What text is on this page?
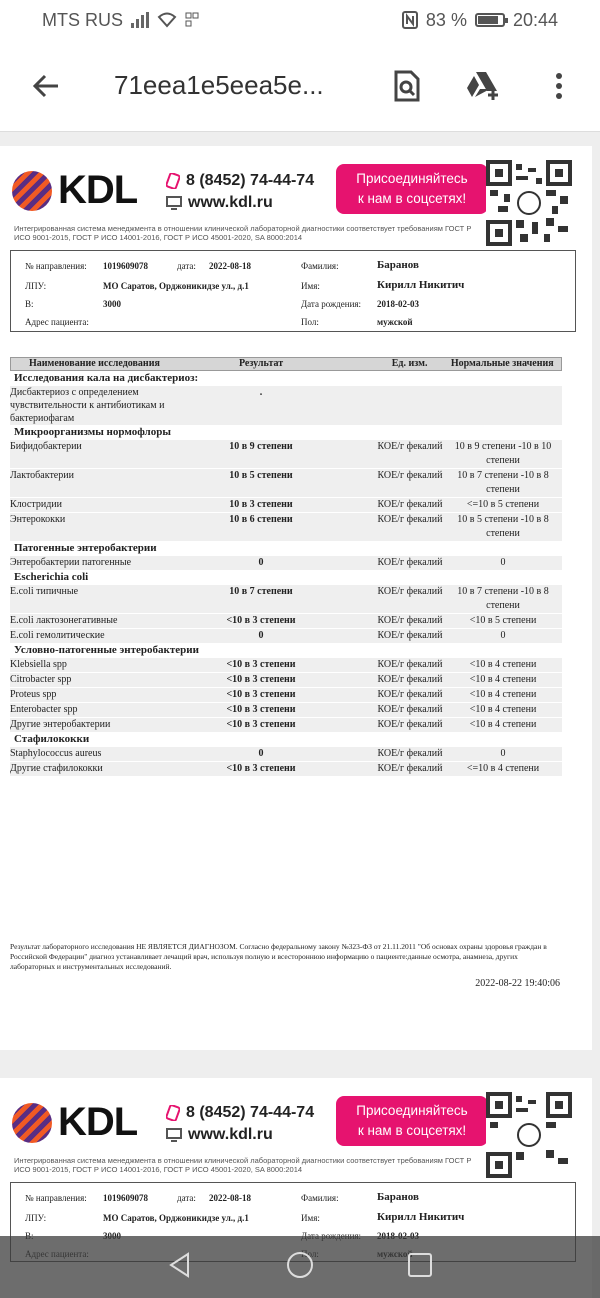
MTS RUS	83 %	20:44
71eea1e5eea5e...
KDL	8 (8452) 74-44-74
www.kdl.ru
Присоединяйтесь
к нам в соцсетях!
Интегрированная система менеджмента в отношении клинической лабораторной диагностики соответствует требованиям ГОСТ Р ИСО 9001-2015, ГОСТ Р ИСО 14001-2016, ГОСТ Р ИСО 45001-2020, SA 8000:2014
№ направления: 1019609078	дата: 2022-08-18	Фамилия:	Баранов
ЛПУ:	МО Саратов, Орджоникидзе ул., д.1	Имя:	Кирилл Никитич
В:	3000	Дата рождения: 2018-02-03
Адрес пациента:	Пол:	мужской
Наименование исследования	Результат	Ед. изм.	Нормальные значения
Исследования кала на дисбактериоз:
Дисбактериоз с определением чувствительности к антибиотикам и бактериофагам
.
Микроорганизмы нормофлоры
Бифидобактерии	10 в 9 степени	КОЕ/г фекалий	10 в 9 степени -10 в 10 степени
Лактобактерии	10 в 5 степени	КОЕ/г фекалий	10 в 7 степени -10 в 8 степени
Клостридии	10 в 3 степени	КОЕ/г фекалий	<=10 в 5 степени
Энтерококки	10 в 6 степени	КОЕ/г фекалий	10 в 5 степени -10 в 8 степени
Патогенные энтеробактерии
Энтеробактерии патогенные	0	КОЕ/г фекалий	0
Escherichia coli
E.coli типичные	10 в 7 степени	КОЕ/г фекалий	10 в 7 степени -10 в 8 степени
E.coli лактозонегативные	<10 в 3 степени	КОЕ/г фекалий	<10 в 5 степени
E.coli гемолитические	0	КОЕ/г фекалий	0
Условно-патогенные энтеробактерии
Klebsiella spp	<10 в 3 степени	КОЕ/г фекалий	<10 в 4 степени
Citrobacter spp	<10 в 3 степени	КОЕ/г фекалий	<10 в 4 степени
Proteus spp	<10 в 3 степени	КОЕ/г фекалий	<10 в 4 степени
Enterobacter spp	<10 в 3 степени	КОЕ/г фекалий	<10 в 4 степени
Другие энтеробактерии	<10 в 3 степени	КОЕ/г фекалий	<10 в 4 степени
Стафилококки
Staphylococcus aureus	0	КОЕ/г фекалий	0
Другие стафилококки	<10 в 3 степени	КОЕ/г фекалий	<=10 в 4 степени
Результат лабораторного исследования НЕ ЯВЛЯЕТСЯ ДИАГНОЗОМ. Согласно федеральному закону №323-ФЗ от 21.11.2011 "Об основах охраны здоровья граждан в Российской Федерации" диагноз устанавливает лечащий врач, используя полную и всестороннюю информацию о пациенте:данные осмотра, анамнеза, других лабораторных и инструментальных исследований.
2022-08-22 19:40:06
KDL	8 (8452) 74-44-74
www.kdl.ru
Присоединяйтесь
к нам в соцсетях!
Интегрированная система менеджмента в отношении клинической лабораторной диагностики соответствует требованиям ГОСТ Р ИСО 9001-2015, ГОСТ Р ИСО 14001-2016, ГОСТ Р ИСО 45001-2020, SA 8000:2014
№ направления: 1019609078	дата: 2022-08-18	Фамилия:	Баранов
ЛПУ:	МО Саратов, Орджоникидзе ул., д.1	Имя:	Кирилл Никитич
